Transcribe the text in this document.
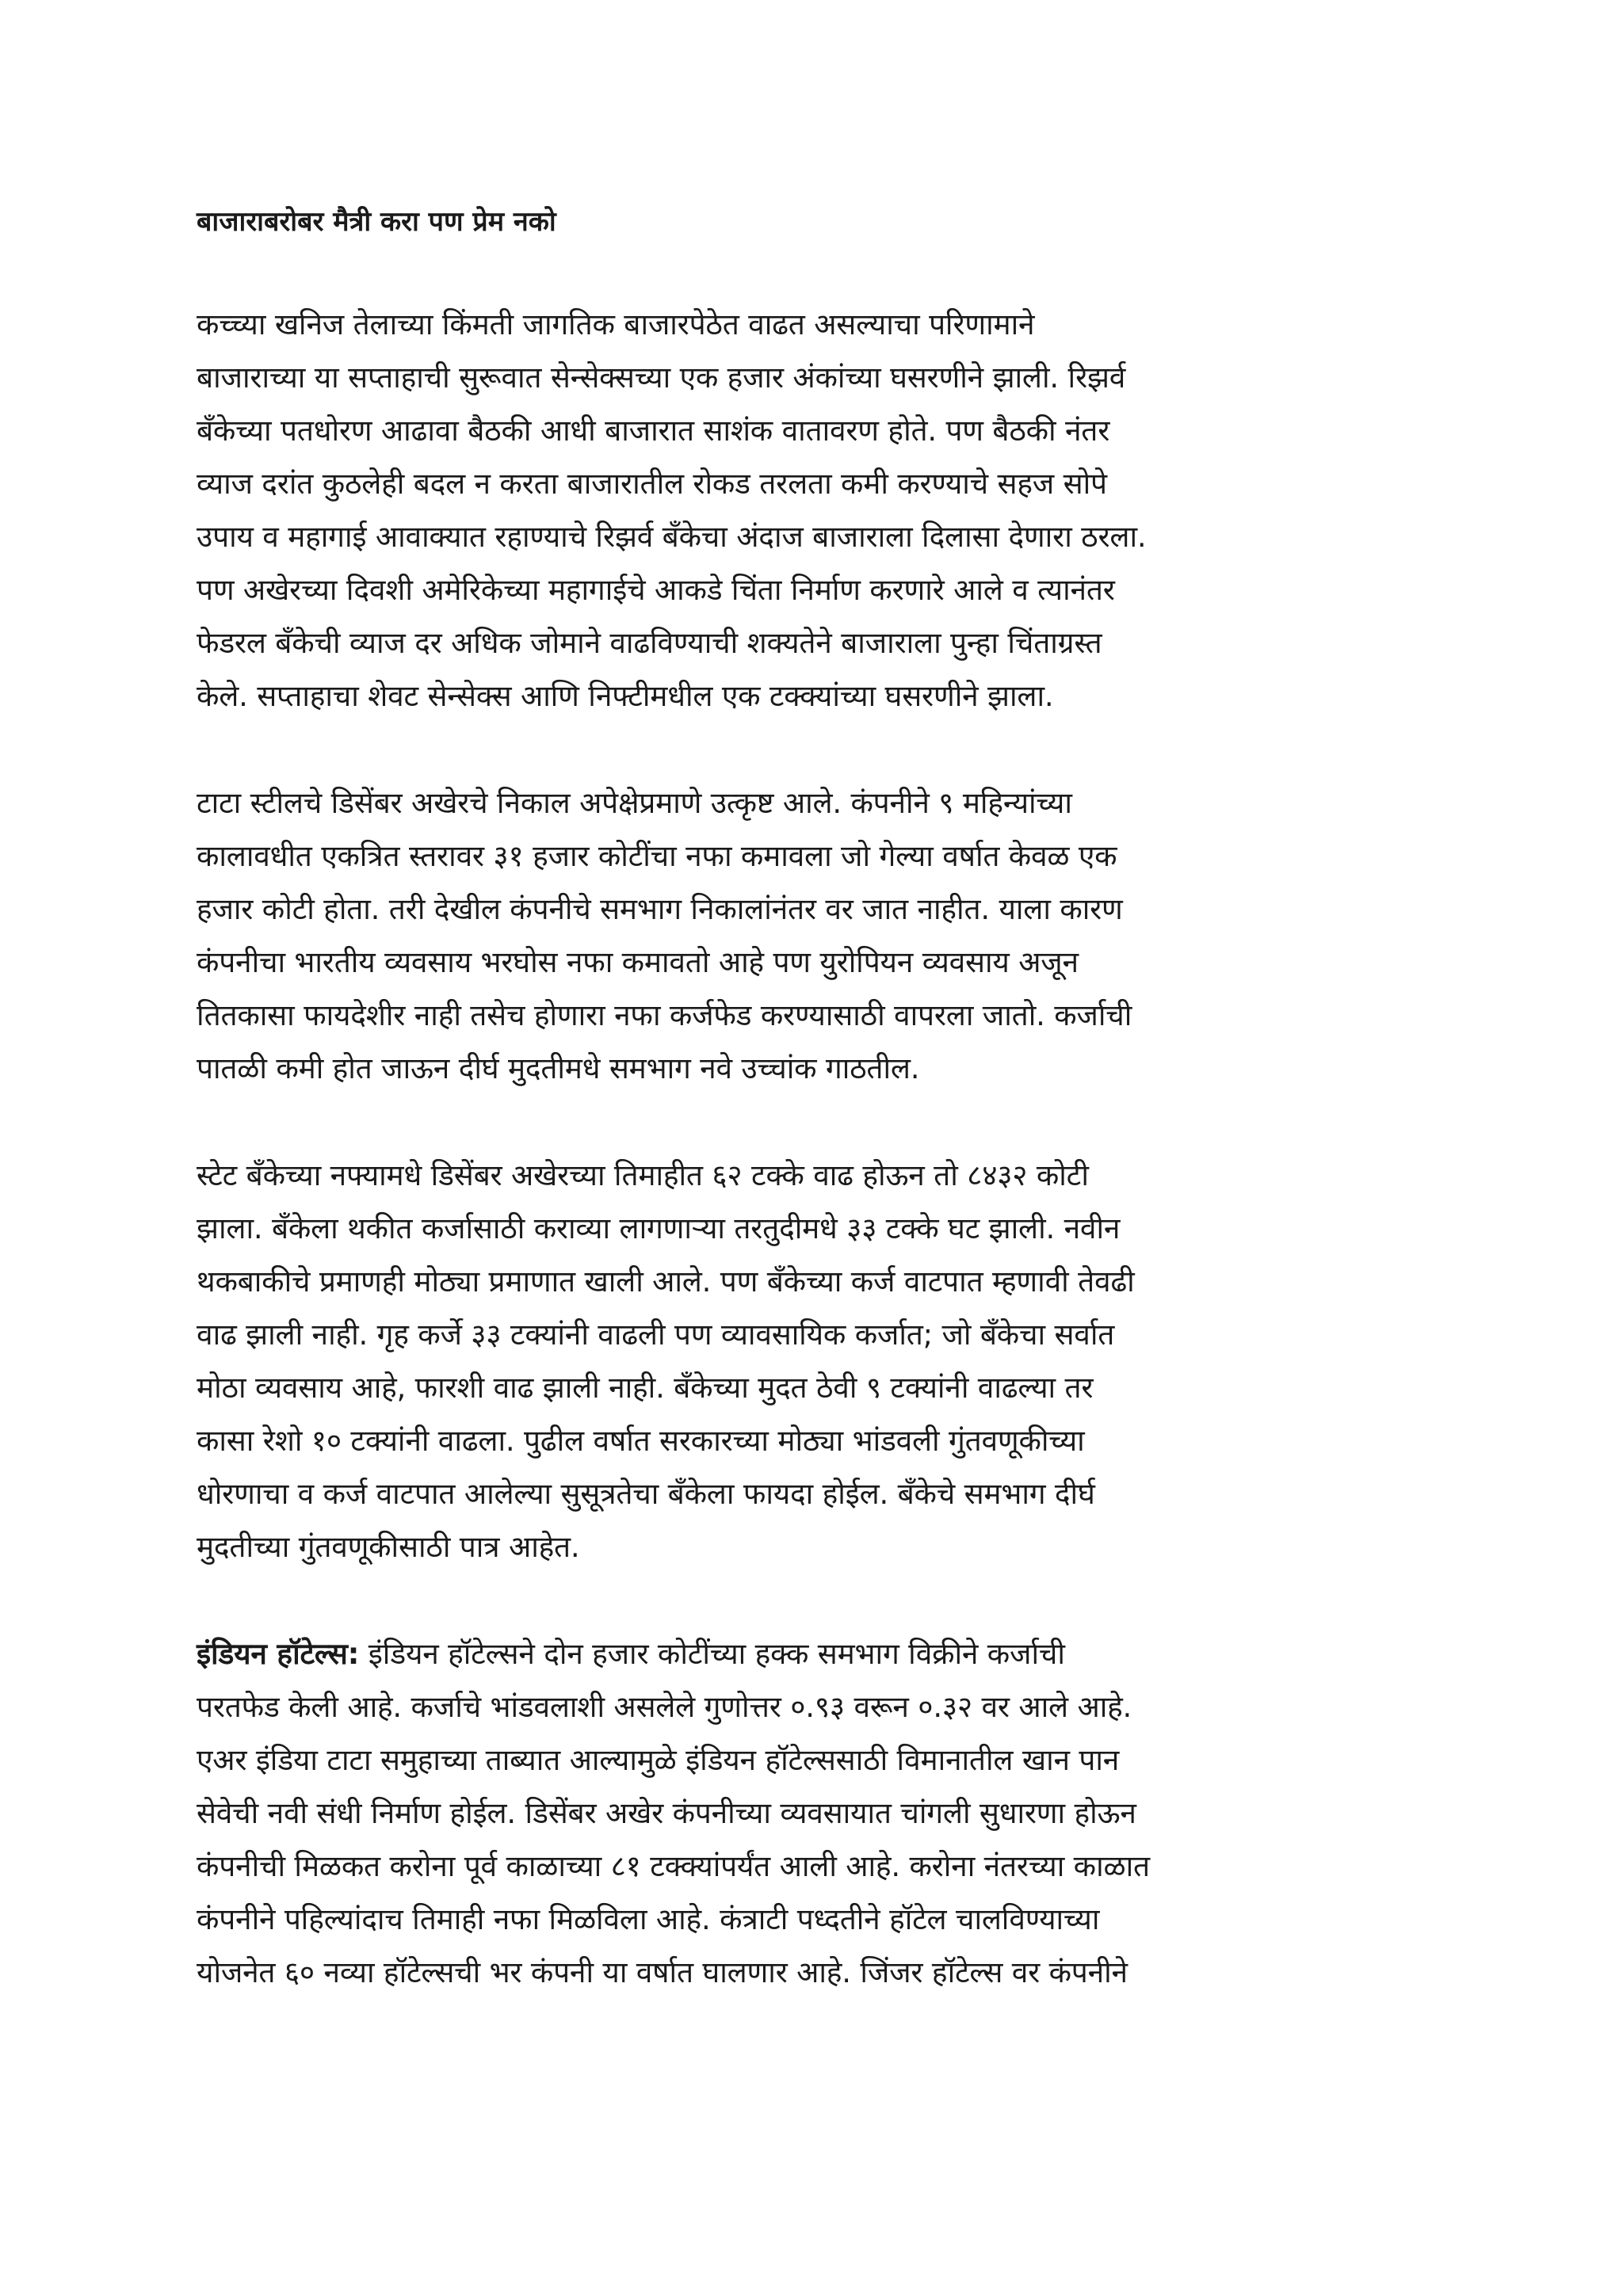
बाजाराबरोबर मैत्री करा पण प्रेम नको
कच्च्या खनिज तेलाच्या किंमती जागतिक बाजारपेठेत वाढत असल्याचा परिणामाने
बाजाराच्या या सप्ताहाची सुरूवात सेन्सेक्सच्या एक हजार अंकांच्या घसरणीने झाली. रिझर्व
बँकेच्या पतधोरण आढावा बैठकी आधी बाजारात साशंक वातावरण होते. पण बैठकी नंतर
व्याज दरांत कुठलेही बदल न करता बाजारातील रोकड तरलता कमी करण्याचे सहज सोपे
उपाय व महागाई आवाक्यात रहाण्याचे रिझर्व बँकेचा अंदाज बाजाराला दिलासा देणारा ठरला.
पण अखेरच्या दिवशी अमेरिकेच्या महागाईचे आकडे चिंता निर्माण करणारे आले व त्यानंतर
फेडरल बँकेची व्याज दर अधिक जोमाने वाढविण्याची शक्यतेने बाजाराला पुन्हा चिंताग्रस्त
केले. सप्ताहाचा शेवट सेन्सेक्स आणि निफ्टीमधील एक टक्क्यांच्या घसरणीने झाला.
टाटा स्टीलचे डिसेंबर अखेरचे निकाल अपेक्षेप्रमाणे उत्कृष्ट आले. कंपनीने ९ महिन्यांच्या
कालावधीत एकत्रित स्तरावर ३१ हजार कोटींचा नफा कमावला जो गेल्या वर्षात केवळ एक
हजार कोटी होता. तरी देखील कंपनीचे समभाग निकालांनंतर वर जात नाहीत. याला कारण
कंपनीचा भारतीय व्यवसाय भरघोस नफा कमावतो आहे पण युरोपियन व्यवसाय अजून
तितकासा फायदेशीर नाही तसेच होणारा नफा कर्जफेड करण्यासाठी वापरला जातो. कर्जाची
पातळी कमी होत जाऊन दीर्घ मुदतीमधे समभाग नवे उच्चांक गाठतील.
स्टेट बँकेच्या नफ्यामधे डिसेंबर अखेरच्या तिमाहीत ६२ टक्के वाढ होऊन तो ८४३२ कोटी
झाला. बँकेला थकीत कर्जासाठी कराव्या लागणाऱ्या तरतुदीमधे ३३ टक्के घट झाली. नवीन
थकबाकीचे प्रमाणही मोठ्या प्रमाणात खाली आले. पण बँकेच्या कर्ज वाटपात म्हणावी तेवढी
वाढ झाली नाही. गृह कर्जे ३३ टक्यांनी वाढली पण व्यावसायिक कर्जात; जो बँकेचा सर्वात
मोठा व्यवसाय आहे, फारशी वाढ झाली नाही. बँकेच्या मुदत ठेवी ९ टक्यांनी वाढल्या तर
कासा रेशो १० टक्यांनी वाढला. पुढील वर्षात सरकारच्या मोठ्या भांडवली गुंतवणूकीच्या
धोरणाचा व कर्ज वाटपात आलेल्या सुसूत्रतेचा बँकेला फायदा होईल. बँकेचे समभाग दीर्घ
मुदतीच्या गुंतवणूकीसाठी पात्र आहेत.
इंडियन हॉटेल्स: इंडियन हॉटेल्सने दोन हजार कोटींच्या हक्क समभाग विक्रीने कर्जाची
परतफेड केली आहे. कर्जाचे भांडवलाशी असलेले गुणोत्तर ०.९३ वरून ०.३२ वर आले आहे.
एअर इंडिया टाटा समुहाच्या ताब्यात आल्यामुळे इंडियन हॉटेल्ससाठी विमानातील खान पान
सेवेची नवी संधी निर्माण होईल. डिसेंबर अखेर कंपनीच्या व्यवसायात चांगली सुधारणा होऊन
कंपनीची मिळकत करोना पूर्व काळाच्या ८१ टक्क्यांपर्यंत आली आहे. करोना नंतरच्या काळात
कंपनीने पहिल्यांदाच तिमाही नफा मिळविला आहे. कंत्राटी पध्दतीने हॉटेल चालविण्याच्या
योजनेत ६० नव्या हॉटेल्सची भर कंपनी या वर्षात घालणार आहे. जिंजर हॉटेल्स वर कंपनीने
